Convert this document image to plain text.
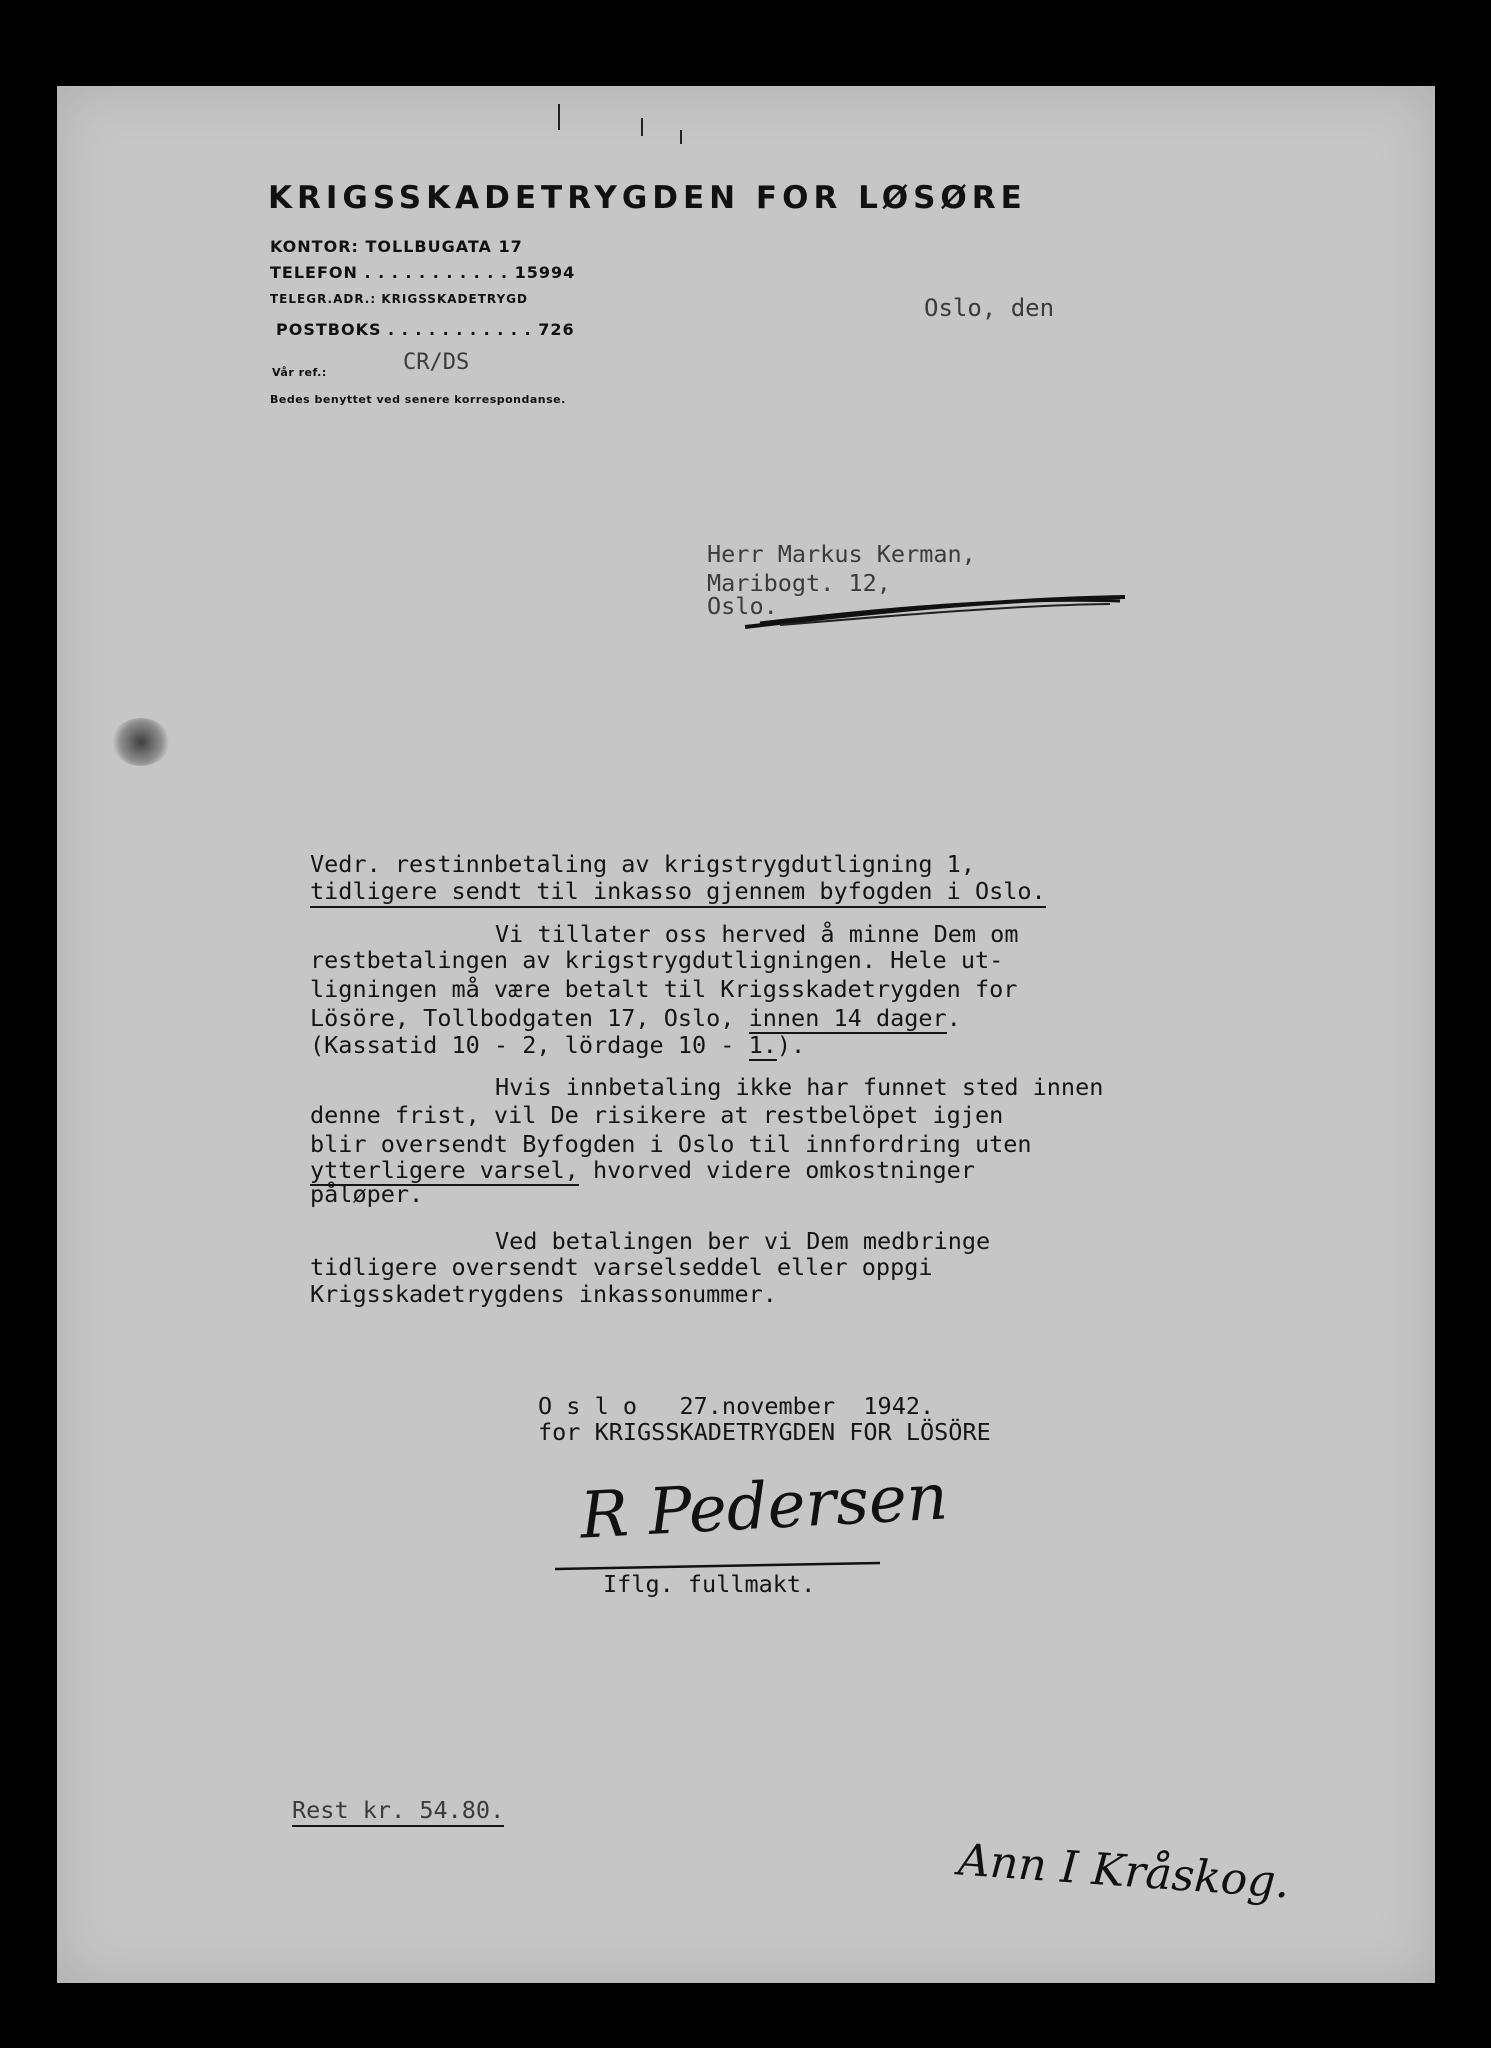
KRIGSSKADETRYGDEN FOR LØSØRE
KONTOR: TOLLBUGATA 17
TELEFON . . . . . . . . . . . 15994
TELEGR.ADR.: KRIGSSKADETRYGD
POSTBOKS . . . . . . . . . . . 726
Vår ref.:	CR/DS
Bedes benyttet ved senere korrespondanse.
Oslo, den
Herr Markus Kerman,
Maribogt. 12,
Oslo.
Vedr. restinnbetaling av krigstrygdutligning 1,
tidligere sendt til inkasso gjennem byfogden i Oslo.
Vi tillater oss herved å minne Dem om
restbetalingen av krigstrygdutligningen. Hele ut-
ligningen må være betalt til Krigsskadetrygden for
Lösöre, Tollbodgaten 17, Oslo, innen 14 dager.
(Kassatid 10 - 2, lördage 10 - 1.).
Hvis innbetaling ikke har funnet sted innen
denne frist, vil De risikere at restbelöpet igjen
blir oversendt Byfogden i Oslo til innfordring uten
ytterligere varsel, hvorved videre omkostninger
påløper.
Ved betalingen ber vi Dem medbringe
tidligere oversendt varselseddel eller oppgi
Krigsskadetrygdens inkassonummer.
O s l o   27.november  1942.
for KRIGSSKADETRYGDEN FOR LÖSÖRE
R Pedersen
Iflg. fullmakt.
Rest kr. 54.80.
Ann I Kråskog.
